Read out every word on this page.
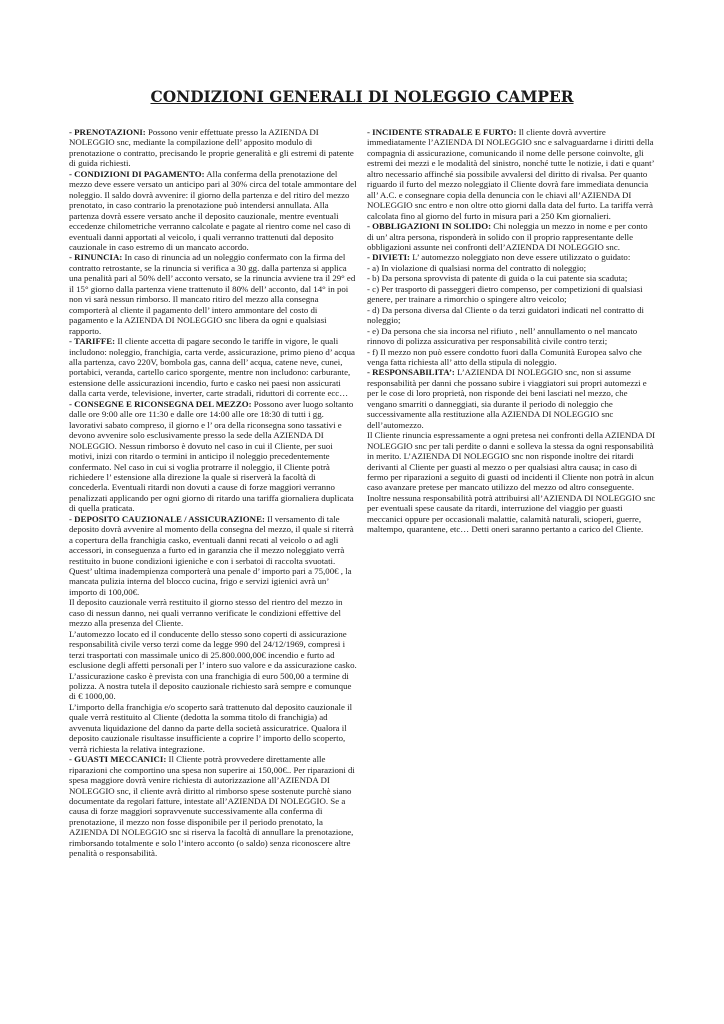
CONDIZIONI GENERALI DI NOLEGGIO CAMPER

- PRENOTAZIONI: Possono venir effettuate presso la AZIENDA DI NOLEGGIO snc, mediante la compilazione dell’ apposito modulo di prenotazione o contratto, precisando le proprie generalità e gli estremi di patente di guida richiesti.

- CONDIZIONI DI PAGAMENTO: Alla conferma della prenotazione del mezzo deve essere versato un anticipo pari al 30% circa del totale ammontare del noleggio. Il saldo dovrà avvenire: il giorno della partenza e del ritiro del mezzo prenotato, in caso contrario la prenotazione può intendersi annullata. Alla partenza dovrà essere versato anche il deposito cauzionale, mentre eventuali eccedenze chilometriche verranno calcolate e pagate al rientro come nel caso di eventuali danni apportati al veicolo, i quali verranno trattenuti dal deposito cauzionale in caso estremo di un mancato accordo.

- RINUNCIA: In caso di rinuncia ad un noleggio confermato con la firma del contratto retrostante, se la rinuncia si verifica a 30 gg. dalla partenza si applica una penalità pari al 50% dell’ acconto versato, se la rinuncia avviene tra il 29° ed il 15° giorno dalla partenza viene trattenuto il 80% dell’ acconto, dal 14° in poi non vi sarà nessun rimborso. Il mancato ritiro del mezzo alla consegna comporterà al cliente il pagamento dell’ intero ammontare del costo di pagamento e la AZIENDA DI NOLEGGIO snc libera da ogni e qualsiasi rapporto.

- TARIFFE: Il cliente accetta di pagare secondo le tariffe in vigore, le quali includono: noleggio, franchigia, carta verde, assicurazione, primo pieno d’ acqua alla partenza, cavo 220V, bombola gas, canna dell’ acqua, catene neve, cunei, portabici, veranda, cartello carico sporgente, mentre non includono: carburante, estensione delle assicurazioni incendio, furto e casko nei paesi non assicurati dalla carta verde, televisione, inverter, carte stradali, riduttori di corrente ecc…

- CONSEGNE E RICONSEGNA DEL MEZZO: Possono aver luogo soltanto dalle ore 9:00 alle ore 11:30 e dalle ore 14:00 alle ore 18:30 di tutti i gg. lavorativi sabato compreso, il giorno e l’ ora della riconsegna sono tassativi e devono avvenire solo esclusivamente presso la sede della AZIENDA DI NOLEGGIO. Nessun rimborso è dovuto nel caso in cui il Cliente, per suoi motivi, inizi con ritardo o termini in anticipo il noleggio precedentemente confermato. Nel caso in cui si voglia protrarre il noleggio, il Cliente potrà richiedere l’ estensione alla direzione la quale si riserverà la facoltà di concederla. Eventuali ritardi non dovuti a cause di forze maggiori verranno penalizzati applicando per ogni giorno di ritardo una tariffa giornaliera duplicata di quella praticata.

- DEPOSITO CAUZIONALE / ASSICURAZIONE: Il versamento di tale deposito dovrà avvenire al momento della consegna del mezzo, il quale si riterrà a copertura della franchigia casko, eventuali danni recati al veicolo o ad agli accessori, in conseguenza a furto ed in garanzia che il mezzo noleggiato verrà restituito in buone condizioni igieniche e con i serbatoi di raccolta svuotati. Quest’ ultima inadempienza comporterà una penale d’ importo pari a 75,00€ , la mancata pulizia interna del blocco cucina, frigo e servizi igienici avrà un’ importo di 100,00€.

Il deposito cauzionale verrà restituito il giorno stesso del rientro del mezzo in caso di nessun danno, nei quali verranno verificate le condizioni effettive del mezzo alla presenza del Cliente.

L’automezzo locato ed il conducente dello stesso sono coperti di assicurazione responsabilità civile verso terzi come da legge 990 del 24/12/1969, compresi i terzi trasportati con massimale unico di 25.800.000,00€ incendio e furto ad esclusione degli affetti personali per l’ intero suo valore e da assicurazione casko. L’assicurazione casko è prevista con una franchigia di euro 500,00 a termine di polizza. A nostra tutela il deposito cauzionale richiesto sarà sempre e comunque di € 1000,00.

L’importo della franchigia e/o scoperto sarà trattenuto dal deposito cauzionale il quale verrà restituito al Cliente (dedotta la somma titolo di franchigia) ad avvenuta liquidazione del danno da parte della società assicuratrice. Qualora il deposito cauzionale risultasse insufficiente a coprire l’ importo dello scoperto, verrà richiesta la relativa integrazione.

- GUASTI MECCANICI: Il Cliente potrà provvedere direttamente alle riparazioni che comportino una spesa non superire ai 150,00€.. Per riparazioni di spesa maggiore dovrà venire richiesta di autorizzazione all’AZIENDA DI NOLEGGIO snc, il cliente avrà diritto al rimborso spese sostenute purchè siano documentate da regolari fatture, intestate all’AZIENDA DI NOLEGGIO. Se a causa di forze maggiori sopravvenute successivamente alla conferma di prenotazione, il mezzo non fosse disponibile per il periodo prenotato, la AZIENDA DI NOLEGGIO snc si riserva la facoltà di annullare la prenotazione, rimborsando totalmente e solo l’intero acconto (o saldo) senza riconoscere altre penalità o responsabilità.

- INCIDENTE STRADALE E FURTO: Il cliente dovrà avvertire immediatamente l’AZIENDA DI NOLEGGIO snc e salvaguardarne i diritti della compagnia di assicurazione, comunicando il nome delle persone coinvolte, gli estremi dei mezzi e le modalità del sinistro, nonché tutte le notizie, i dati e quant’ altro necessario affinché sia possibile avvalersi del diritto di rivalsa. Per quanto riguardo il furto del mezzo noleggiato il Cliente dovrà fare immediata denuncia all’ A.C. e consegnare copia della denuncia con le chiavi all’AZIENDA DI NOLEGGIO snc entro e non oltre otto giorni dalla data del furto. La tariffa verrà calcolata fino al giorno del furto in misura pari a 250 Km giornalieri.

- OBBLIGAZIONI IN SOLIDO: Chi noleggia un mezzo in nome e per conto di un’ altra persona, risponderà in solido con il proprio rappresentante delle obbligazioni assunte nei confronti dell’AZIENDA DI NOLEGGIO snc.

- DIVIETI: L’ automezzo noleggiato non deve essere utilizzato o guidato:

- a) In violazione di qualsiasi norma del contratto di noleggio;

- b) Da persona sprovvista di patente di guida o la cui patente sia scaduta;

- c) Per trasporto di passeggeri dietro compenso, per competizioni di qualsiasi genere, per trainare a rimorchio o spingere altro veicolo;

- d) Da persona diversa dal Cliente o da terzi guidatori indicati nel contratto di noleggio;

- e) Da persona che sia incorsa nel rifiuto , nell’ annullamento o nel mancato rinnovo di polizza assicurativa per responsabilità civile contro terzi;

- f) Il mezzo non può essere condotto fuori dalla Comunità Europea salvo che venga fatta richiesta all’ atto della stipula di noleggio.

- RESPONSABILITA’: L’AZIENDA DI NOLEGGIO snc, non si assume responsabilità per danni che possano subire i viaggiatori sui propri automezzi e per le cose di loro proprietà, non risponde dei beni lasciati nel mezzo, che vengano smarriti o danneggiati, sia durante il periodo di noleggio che successivamente alla restituzione alla AZIENDA DI NOLEGGIO snc dell’automezzo.

Il Cliente rinuncia espressamente a ogni pretesa nei confronti della AZIENDA DI NOLEGGIO snc per tali perdite o danni e solleva la stessa da ogni responsabilità in merito. L’AZIENDA DI NOLEGGIO snc non risponde inoltre dei ritardi derivanti al Cliente per guasti al mezzo o per qualsiasi altra causa; in caso di fermo per riparazioni a seguito di guasti od incidenti il Cliente non potrà in alcun caso avanzare pretese per mancato utilizzo del mezzo od altro conseguente. Inoltre nessuna responsabilità potrà attribuirsi all’AZIENDA DI NOLEGGIO snc per eventuali spese causate da ritardi, interruzione del viaggio per guasti meccanici oppure per occasionali malattie, calamità naturali, scioperi, guerre, maltempo, quarantene, etc… Detti oneri saranno pertanto a carico del Cliente.
